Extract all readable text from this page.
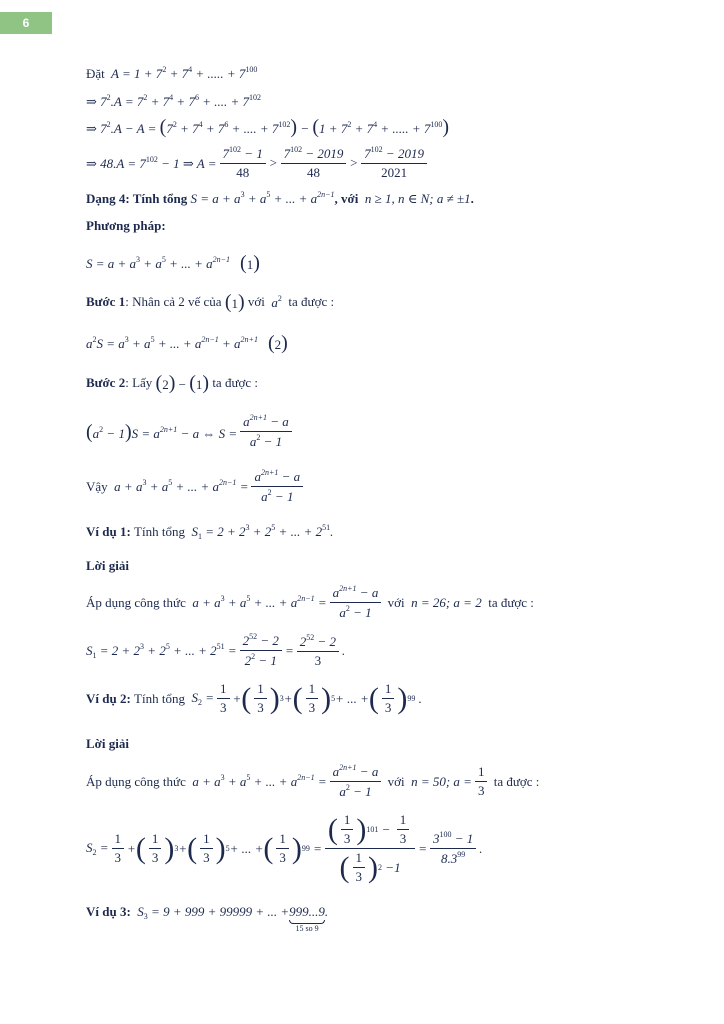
6
Đặt $A = 1 + 7^2 + 7^4$ + ..... + $7^{100}$
⇒ $7^2.A = 7^2 + 7^4 + 7^6$ + .... + $7^{102}$
⇒ $7^2.A - A = (7^2 + 7^4 + 7^6$ + .... + $7^{102}) - (1 + 7^2 + 7^4$ + ..... + $7^{100}$)
⇒ $48.A = 7^{102} - 1$ ⇒ $A = \frac{7^{102} - 1}{48} > \frac{7^{102} - 2019}{48} > \frac{7^{102} - 2019}{2021}$
Dạng 4: Tính tổng $S = a + a^3 + a^5$ + ... + $a^{2n-1}$ , với n ≥ 1, n ∈ N; a ≠ ±1 .
Phương pháp:
$S = a + a^3 + a^5$ + ... + $a^{2n-1}$ (1)
Bước 1 : Nhân cả 2 vế của (1) với $a^2$ ta được :
$a^2S = a^3 + a^5$ + ... + $a^{2n-1} + a^{2n+1}$ (2)
Bước 2 : Lấy (2) − (1) ta được :
$(a^2 - 1)S = a^{2n+1} - a$ ⇔ $S = \frac{a^{2n+1} - a}{a^2 - 1}$
Vậy $a + a^3 + a^5$ + ... + $a^{2n-1} = \frac{a^{2n+1} - a}{a^2 - 1}$
Ví dụ 1:
Tính tổng $S_1 = 2 + 2^3 + 2^5$ + ... + $2^{51}$.
Lời giải
Áp dụng công thức $a + a^3 + a^5$ + ... + $a^{2n-1} = \frac{a^{2n+1} - a}{a^2 - 1}$
với n = 26; a = 2 ta được :
$S_1 = 2 + 2^3 + 2^5$ + ... + $2^{51} = \frac{2^{52} - 2}{2^2 - 1} = \frac{2^{52} - 2}{3}$ .
Ví dụ 2:
Tính tổng $S_2 = \frac{1}{3}$ + ( $\frac{1}{3}$ ) 3 + ( $\frac{1}{3}$ ) 5 + ... + ( $\frac{1}{3}$ ) 99 .
Lời giải
Áp dụng công thức $a + a^3 + a^5$ + ... + $a^{2n-1} = \frac{a^{2n+1} - a}{a^2 - 1}$
với n = 50; $a = \frac{1}{3}$
ta được :
$S_2 = \frac{1}{3}$ + ( $\frac{1}{3}$ ) 3 + ( $\frac{1}{3}$ ) 5 + ... + ( $\frac{1}{3}$ ) $99 = \frac{( \frac{1}{3} ) 101 - \frac{1}{3}}{( \frac{1}{3} ) 2 -1} = \frac{3^{100} - 1}{8.3^{99}}$ .
Ví dụ 3: $S_3 = 9 + 999 + 99999$ + ... + 999...9
15 so 9
.
